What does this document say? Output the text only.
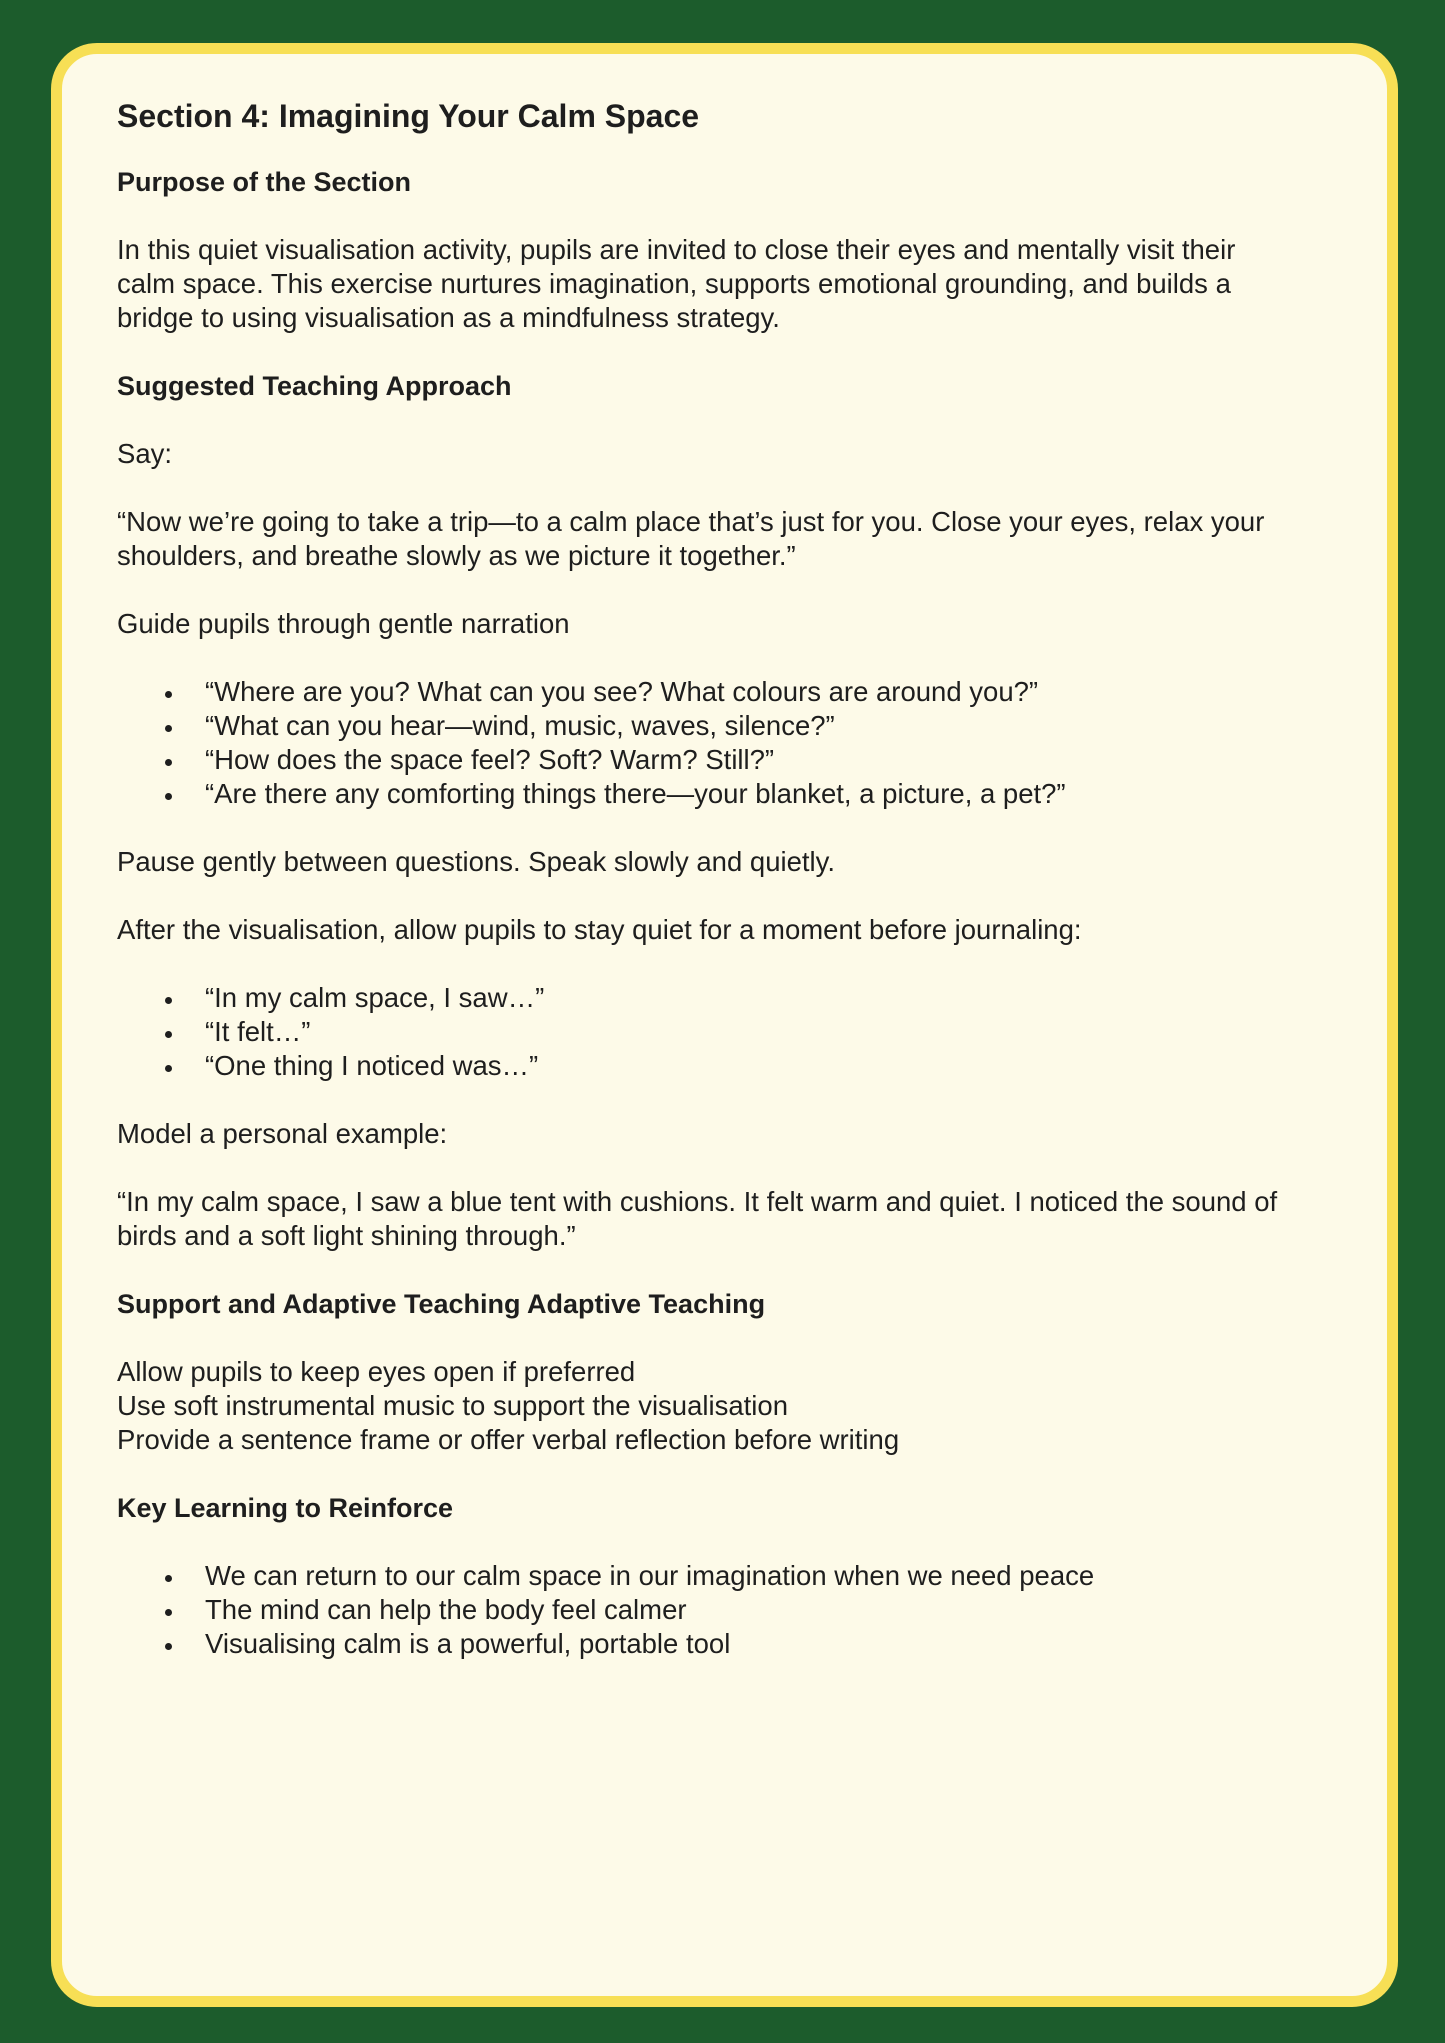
Section 4: Imagining Your Calm Space
Purpose of the Section

In this quiet visualisation activity, pupils are invited to close their eyes and mentally visit their

calm space. This exercise nurtures imagination, supports emotional grounding, and builds a

bridge to using visualisation as a mindfulness strategy.

Suggested Teaching Approach

Say:

“Now we’re going to take a trip—to a calm place that’s just for you. Close your eyes, relax your

shoulders, and breathe slowly as we picture it together.”

Guide pupils through gentle narration

“Where are you? What can you see? What colours are around you?”
“What can you hear—wind, music, waves, silence?”
“How does the space feel? Soft? Warm? Still?”
“Are there any comforting things there—your blanket, a picture, a pet?”

Pause gently between questions. Speak slowly and quietly.

After the visualisation, allow pupils to stay quiet for a moment before journaling:

“In my calm space, I saw…”
“It felt…”
“One thing I noticed was…”

Model a personal example:

“In my calm space, I saw a blue tent with cushions. It felt warm and quiet. I noticed the sound of

birds and a soft light shining through.”

Support and Adaptive Teaching Adaptive Teaching

Allow pupils to keep eyes open if preferred

Use soft instrumental music to support the visualisation

Provide a sentence frame or offer verbal reflection before writing

Key Learning to Reinforce
We can return to our calm space in our imagination when we need peace
The mind can help the body feel calmer
Visualising calm is a powerful, portable tool
